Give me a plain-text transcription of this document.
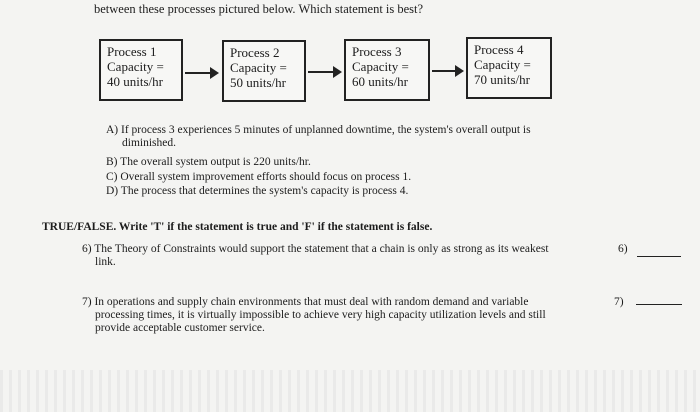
between these processes pictured below. Which statement is best?
Process 1
Capacity =
40 units/hr
Process 2
Capacity =
50 units/hr
Process 3
Capacity =
60 units/hr
Process 4
Capacity =
70 units/hr
A) If process 3 experiences 5 minutes of unplanned downtime, the system's overall output is
diminished.
B) The overall system output is 220 units/hr.
C) Overall system improvement efforts should focus on process 1.
D) The process that determines the system's capacity is process 4.
TRUE/FALSE. Write 'T' if the statement is true and 'F' if the statement is false.
6) The Theory of Constraints would support the statement that a chain is only as strong as its weakest
link.
6)
7) In operations and supply chain environments that must deal with random demand and variable
processing times, it is virtually impossible to achieve very high capacity utilization levels and still
provide acceptable customer service.
7)
